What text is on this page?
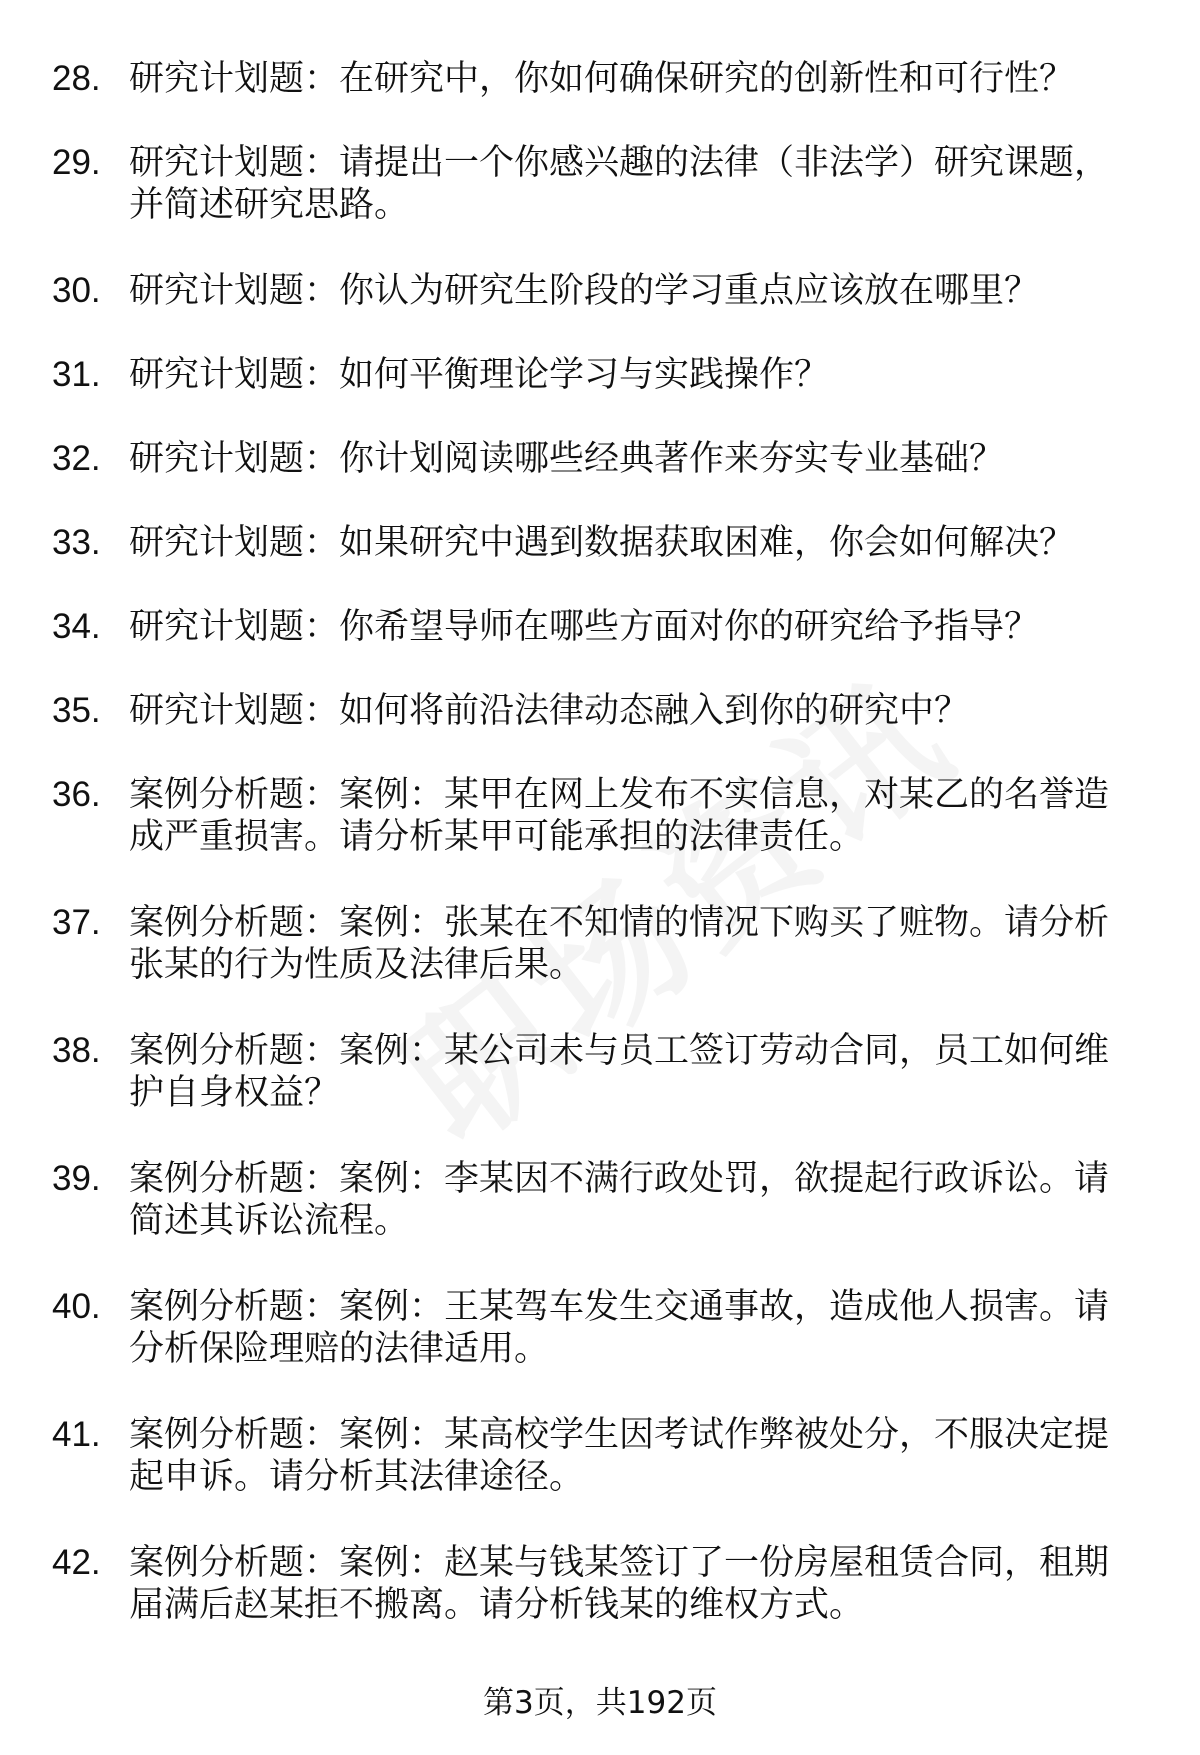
28. 研究计划题：在研究中，你如何确保研究的创新性和可行性？
29. 研究计划题：请提出一个你感兴趣的法律（非法学）研究课题，并简述研究思路。
30. 研究计划题：你认为研究生阶段的学习重点应该放在哪里？
31. 研究计划题：如何平衡理论学习与实践操作？
32. 研究计划题：你计划阅读哪些经典著作来夯实专业基础？
33. 研究计划题：如果研究中遇到数据获取困难，你会如何解决？
34. 研究计划题：你希望导师在哪些方面对你的研究给予指导？
35. 研究计划题：如何将前沿法律动态融入到你的研究中？
36. 案例分析题：案例：某甲在网上发布不实信息，对某乙的名誉造成严重损害。请分析某甲可能承担的法律责任。
37. 案例分析题：案例：张某在不知情的情况下购买了赃物。请分析张某的行为性质及法律后果。
38. 案例分析题：案例：某公司未与员工签订劳动合同，员工如何维护自身权益？
39. 案例分析题：案例：李某因不满行政处罚，欲提起行政诉讼。请简述其诉讼流程。
40. 案例分析题：案例：王某驾车发生交通事故，造成他人损害。请分析保险理赔的法律适用。
41. 案例分析题：案例：某高校学生因考试作弊被处分，不服决定提起申诉。请分析其法律途径。
42. 案例分析题：案例：赵某与钱某签订了一份房屋租赁合同，租期届满后赵某拒不搬离。请分析钱某的维权方式。
第3页，共192页
